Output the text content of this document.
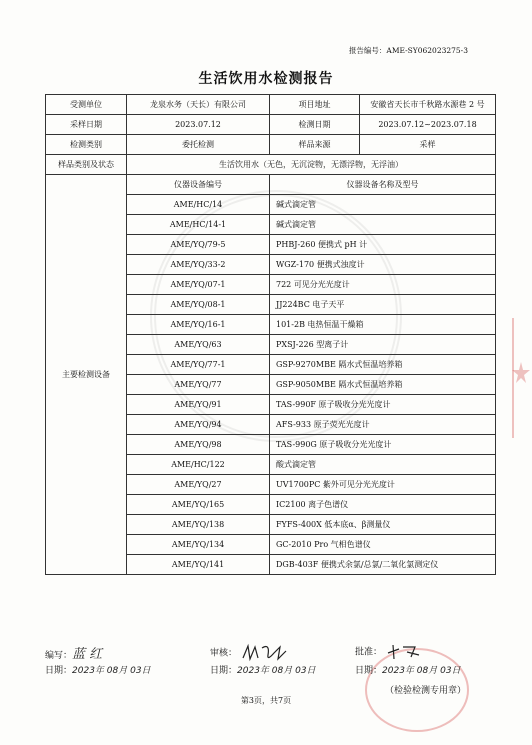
报告编号：AME-SY062023275-3
生活饮用水检测报告
受测单位	龙泉水务（天长）有限公司	项目地址	安徽省天长市千秋路水源巷 2 号
采样日期	2023.07.12	检测日期	2023.07.12~2023.07.18
检测类别	委托检测	样品来源	采样
样品类别及状态	生活饮用水（无色，无沉淀物，无漂浮物，无浮油）		
主要检测设备	仪器设备编号	仪器设备名称及型号	
	AME/HC/14	碱式滴定管	
	AME/HC/14-1	碱式滴定管	
	AME/YQ/79-5	PHBJ-260 便携式 pH 计	
	AME/YQ/33-2	WGZ-170 便携式浊度计	
	AME/YQ/07-1	722 可见分光光度计	
	AME/YQ/08-1	JJ224BC 电子天平	
	AME/YQ/16-1	101-2B 电热恒温干燥箱	
	AME/YQ/63	PXSJ-226 型离子计	
	AME/YQ/77-1	GSP-9270MBE 隔水式恒温培养箱	
	AME/YQ/77	GSP-9050MBE 隔水式恒温培养箱	
	AME/YQ/91	TAS-990F 原子吸收分光光度计	
	AME/YQ/94	AFS-933 原子荧光光度计	
	AME/YQ/98	TAS-990G 原子吸收分光光度计	
	AME/HC/122	酸式滴定管	
	AME/YQ/27	UV1700PC 紫外可见分光光度计	
	AME/YQ/165	IC2100 离子色谱仪	
	AME/YQ/138	FYFS-400X 低本底α、β测量仪	
	AME/YQ/134	GC-2010 Pro 气相色谱仪	
	AME/YQ/141	DGB-403F 便携式余氯/总氯/二氧化氯测定仪	
编写：蓝 红
日期：2023年 08月 03日
审核：
日期：2023年 08月 03日
批准：
日期：2023年 08月 03日
（检验检测专用章）
第3页，共7页
